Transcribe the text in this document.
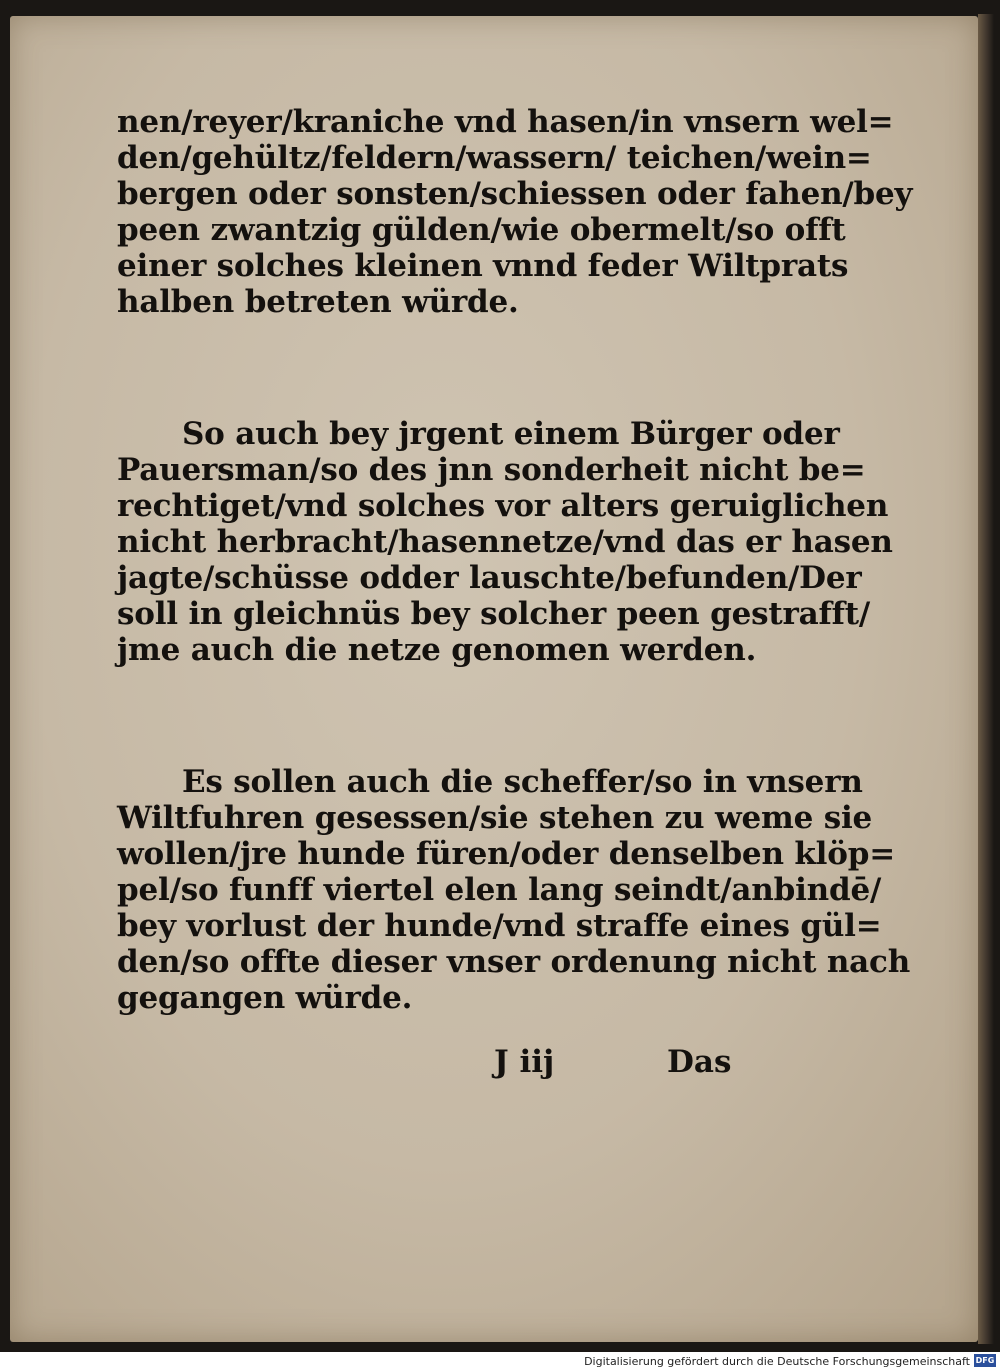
nen/reyer/kraniche vnd hasen/in vnsern wel=
den/gehültz/feldern/wassern/ teichen/wein=
bergen oder sonsten/schiessen oder fahen/bey
peen zwantzig gülden/wie obermelt/so offt
einer solches kleinen vnnd feder Wiltprats
halben betreten würde.
So auch bey jrgent einem Bürger oder
Pauersman/so des jnn sonderheit nicht be=
rechtiget/vnd solches vor alters geruiglichen
nicht herbracht/hasennetze/vnd das er hasen
jagte/schüsse odder lauschte/befunden/Der
soll in gleichnüs bey solcher peen gestrafft/
jme auch die netze genomen werden.
Es sollen auch die scheffer/so in vnsern
Wiltfuhren gesessen/sie stehen zu weme sie
wollen/jre hunde füren/oder denselben klöp=
pel/so funff viertel elen lang seindt/anbindē/
bey vorlust der hunde/vnd straffe eines gül=
den/so offte dieser vnser ordenung nicht nach
gegangen würde.
J iij	Das
Digitalisierung gefördert durch die Deutsche Forschungsgemeinschaft DFG
